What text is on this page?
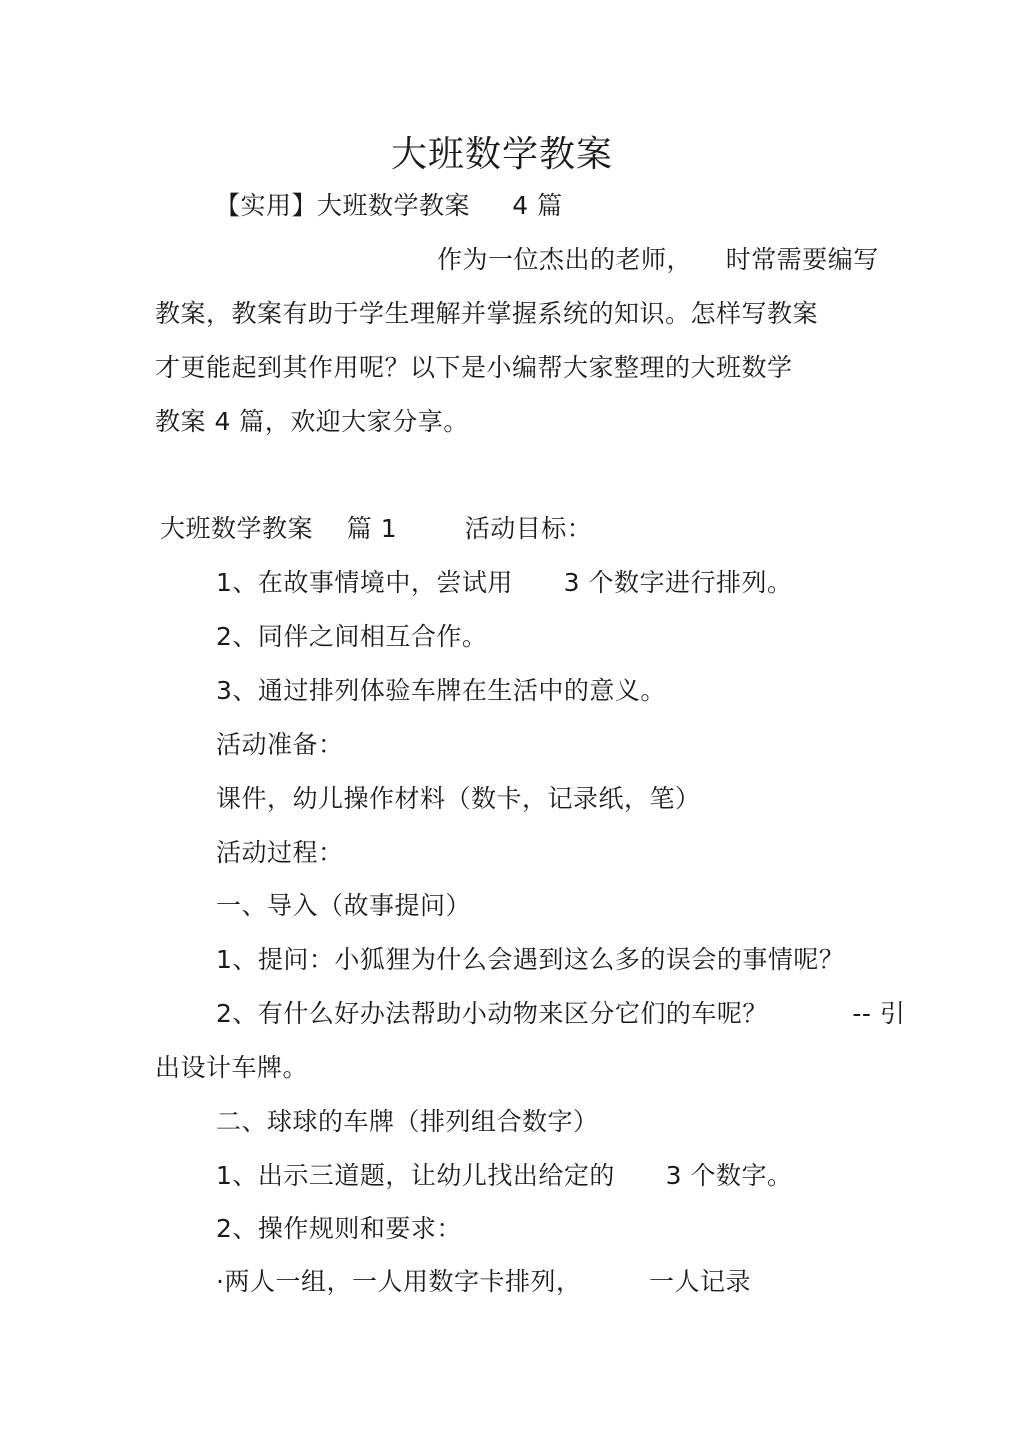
大班数学教案
【实用】大班数学教案     4 篇
作为一位杰出的老师，    时常需要编写
教案，教案有助于学生理解并掌握系统的知识。怎样写教案
才更能起到其作用呢？以下是小编帮大家整理的大班数学
教案 4 篇，欢迎大家分享。
大班数学教案    篇 1        活动目标：
1、在故事情境中，尝试用      3 个数字进行排列。
2、同伴之间相互合作。
3、通过排列体验车牌在生活中的意义。
活动准备：
课件，幼儿操作材料（数卡，记录纸，笔）
活动过程：
一、导入（故事提问）
1、提问：小狐狸为什么会遇到这么多的误会的事情呢？
2、有什么好办法帮助小动物来区分它们的车呢？          -- 引
出设计车牌。
二、球球的车牌（排列组合数字）
1、出示三道题，让幼儿找出给定的      3 个数字。
2、操作规则和要求：
·两人一组，一人用数字卡排列，        一人记录
